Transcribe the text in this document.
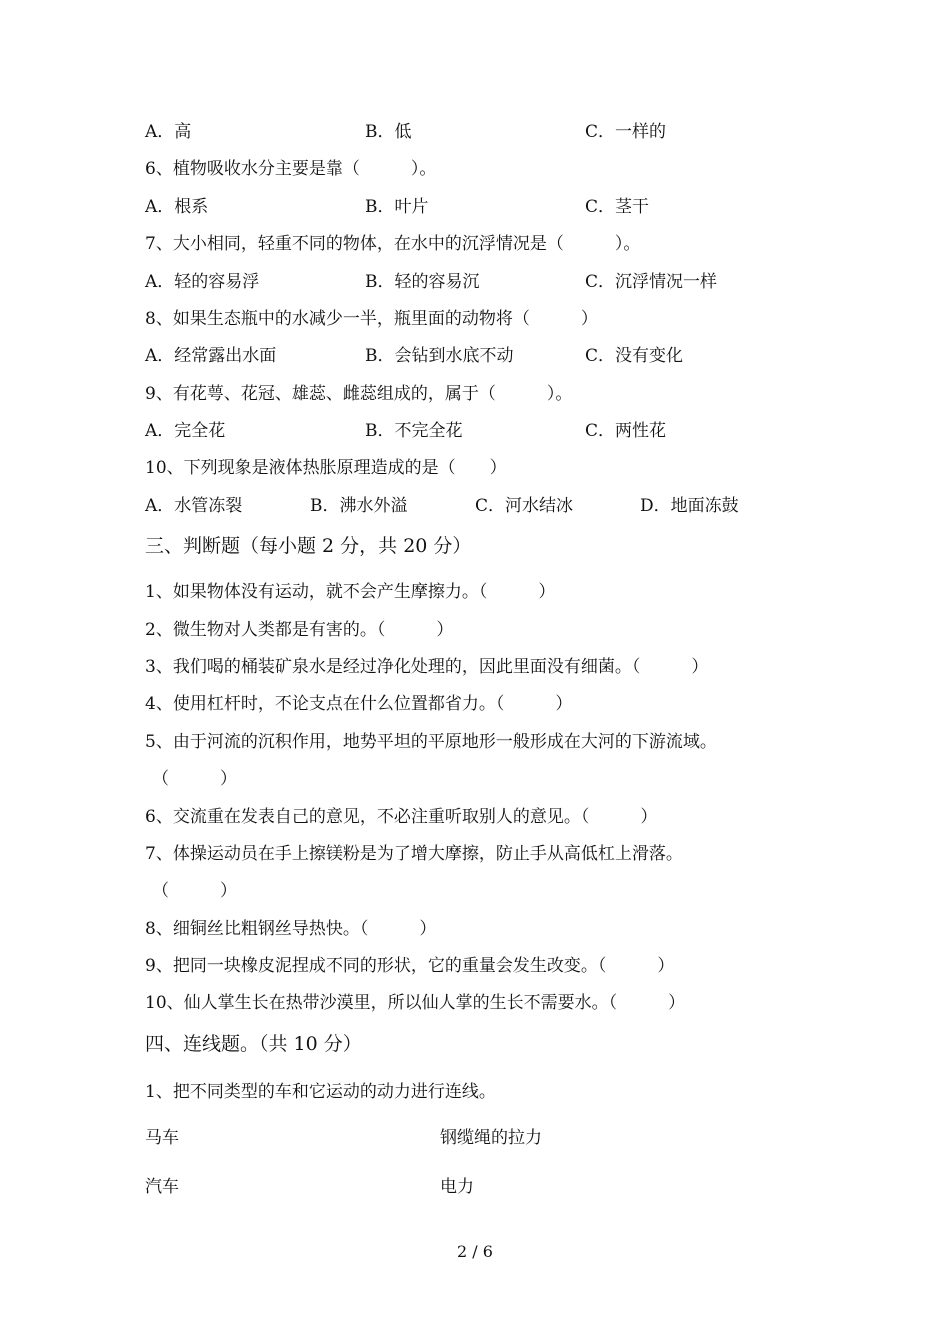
A．高	B．低	C．一样的
6、植物吸收水分主要是靠（　　　）。
A．根系	B．叶片	C．茎干
7、大小相同，轻重不同的物体，在水中的沉浮情况是（　　　）。
A．轻的容易浮	B．轻的容易沉	C．沉浮情况一样
8、如果生态瓶中的水减少一半，瓶里面的动物将（　　　）
A．经常露出水面	B．会钻到水底不动	C．没有变化
9、有花萼、花冠、雄蕊、雌蕊组成的，属于（　　　）。
A．完全花	B．不完全花	C．两性花
10、下列现象是液体热胀原理造成的是（　　）
A．水管冻裂	B．沸水外溢	C．河水结冰	D．地面冻鼓
三、判断题（每小题 2 分，共 20 分）
1、如果物体没有运动，就不会产生摩擦力。（　　　）
2、微生物对人类都是有害的。（　　　）
3、我们喝的桶装矿泉水是经过净化处理的，因此里面没有细菌。（　　　）
4、使用杠杆时，不论支点在什么位置都省力。（　　　）
5、由于河流的沉积作用，地势平坦的平原地形一般形成在大河的下游流域。
（　　　）
6、交流重在发表自己的意见，不必注重听取别人的意见。（　　　）
7、体操运动员在手上擦镁粉是为了增大摩擦，防止手从高低杠上滑落。
（　　　）
8、细铜丝比粗钢丝导热快。（　　　）
9、把同一块橡皮泥捏成不同的形状，它的重量会发生改变。（　　　）
10、仙人掌生长在热带沙漠里，所以仙人掌的生长不需要水。（　　　）
四、连线题。（共 10 分）
1、把不同类型的车和它运动的动力进行连线。
马车	钢缆绳的拉力
汽车	电力
2 / 6
